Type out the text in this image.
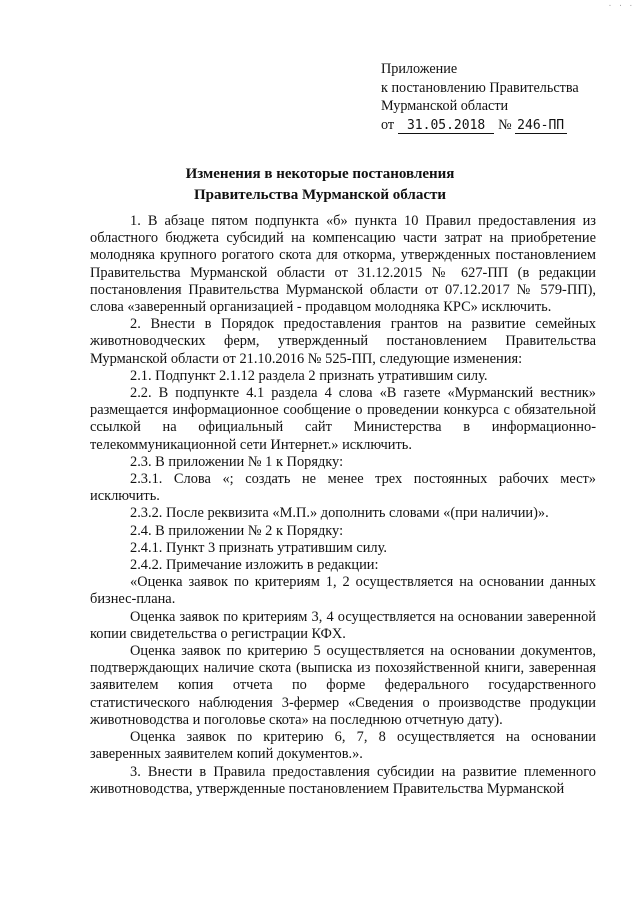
· · ·
Приложение
к постановлению Правительства
Мурманской области
от 31.05.2018 № 246-ПП
Изменения в некоторые постановления
Правительства Мурманской области

1. В абзаце пятом подпункта «б» пункта 10 Правил предоставления из областного бюджета субсидий на компенсацию части затрат на приобретение молодняка крупного рогатого скота для откорма, утвержденных постановлением Правительства Мурманской области от 31.12.2015 № 627-ПП (в редакции постановления Правительства Мурманской области от 07.12.2017 № 579-ПП), слова «заверенный организацией - продавцом молодняка КРС» исключить.

2. Внести в Порядок предоставления грантов на развитие семейных животноводческих ферм, утвержденный постановлением Правительства Мурманской области от 21.10.2016 № 525-ПП, следующие изменения:

2.1. Подпункт 2.1.12 раздела 2 признать утратившим силу.

2.2. В подпункте 4.1 раздела 4 слова «В газете «Мурманский вестник» размещается информационное сообщение о проведении конкурса с обязательной ссылкой на официальный сайт Министерства в информационно-телекоммуникационной сети Интернет.» исключить.

2.3. В приложении № 1 к Порядку:

2.3.1. Слова «; создать не менее трех постоянных рабочих мест» исключить.

2.3.2. После реквизита «М.П.» дополнить словами «(при наличии)».

2.4. В приложении № 2 к Порядку:

2.4.1. Пункт 3 признать утратившим силу.

2.4.2. Примечание изложить в редакции:

«Оценка заявок по критериям 1, 2 осуществляется на основании данных бизнес-плана.

Оценка заявок по критериям 3, 4 осуществляется на основании заверенной копии свидетельства о регистрации КФХ.

Оценка заявок по критерию 5 осуществляется на основании документов, подтверждающих наличие скота (выписка из похозяйственной книги, заверенная заявителем копия отчета по форме федерального государственного статистического наблюдения 3-фермер «Сведения о производстве продукции животноводства и поголовье скота» на последнюю отчетную дату).

Оценка заявок по критерию 6, 7, 8 осуществляется на основании заверенных заявителем копий документов.».

3. Внести в Правила предоставления субсидии на развитие племенного животноводства, утвержденные постановлением Правительства Мурманской
